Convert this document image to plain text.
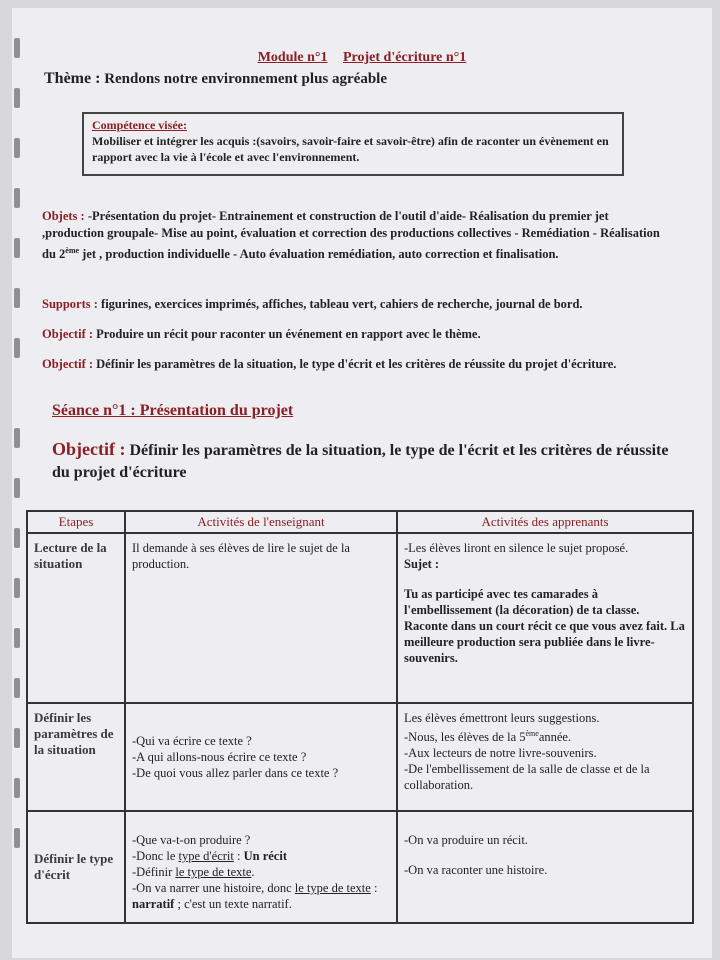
Module n°1 Projet d'écriture n°1
Thème : Rendons notre environnement plus agréable
Compétence visée:
Mobiliser et intégrer les acquis :(savoirs, savoir-faire et savoir-être) afin de raconter un évènement en rapport avec la vie à l'école et avec l'environnement.
Objets : -Présentation du projet- Entrainement et construction de l'outil d'aide- Réalisation du premier jet ,production groupale- Mise au point, évaluation et correction des productions collectives - Remédiation - Réalisation du 2ème jet , production individuelle - Auto évaluation remédiation, auto correction et finalisation.
Supports : figurines, exercices imprimés, affiches, tableau vert, cahiers de recherche, journal de bord.
Objectif : Produire un récit pour raconter un événement en rapport avec le thème.
Objectif : Définir les paramètres de la situation, le type d'écrit et les critères de réussite du projet d'écriture.
Séance n°1 : Présentation du projet
Objectif : Définir les paramètres de la situation, le type de l'écrit et les critères de réussite du projet d'écriture
Etapes	Activités de l'enseignant	Activités des apprenants
Lecture de la situation	Il demande à ses élèves de lire le sujet de la production.	-Les élèves liront en silence le sujet proposé.
Sujet :
Tu as participé avec tes camarades à l'embellissement (la décoration) de ta classe. Raconte dans un court récit ce que vous avez fait. La meilleure production sera publiée dans le livre-souvenirs.

Définir les paramètres de la situation	-Qui va écrire ce texte ?
-A qui allons-nous écrire ce texte ?
-De quoi vous allez parler dans ce texte ?	Les élèves émettront leurs suggestions.
-Nous, les élèves de la 5èmeannée.
-Aux lecteurs de notre livre-souvenirs.
-De l'embellissement de la salle de classe et de la collaboration.

Définir le type d'écrit	-Que va-t-on produire ?
-Donc le type d'écrit : Un récit
-Définir le type de texte.
-On va narrer une histoire, donc le type de texte : narratif ; c'est un texte narratif.	-On va produire un récit.
-On va raconter une histoire.
